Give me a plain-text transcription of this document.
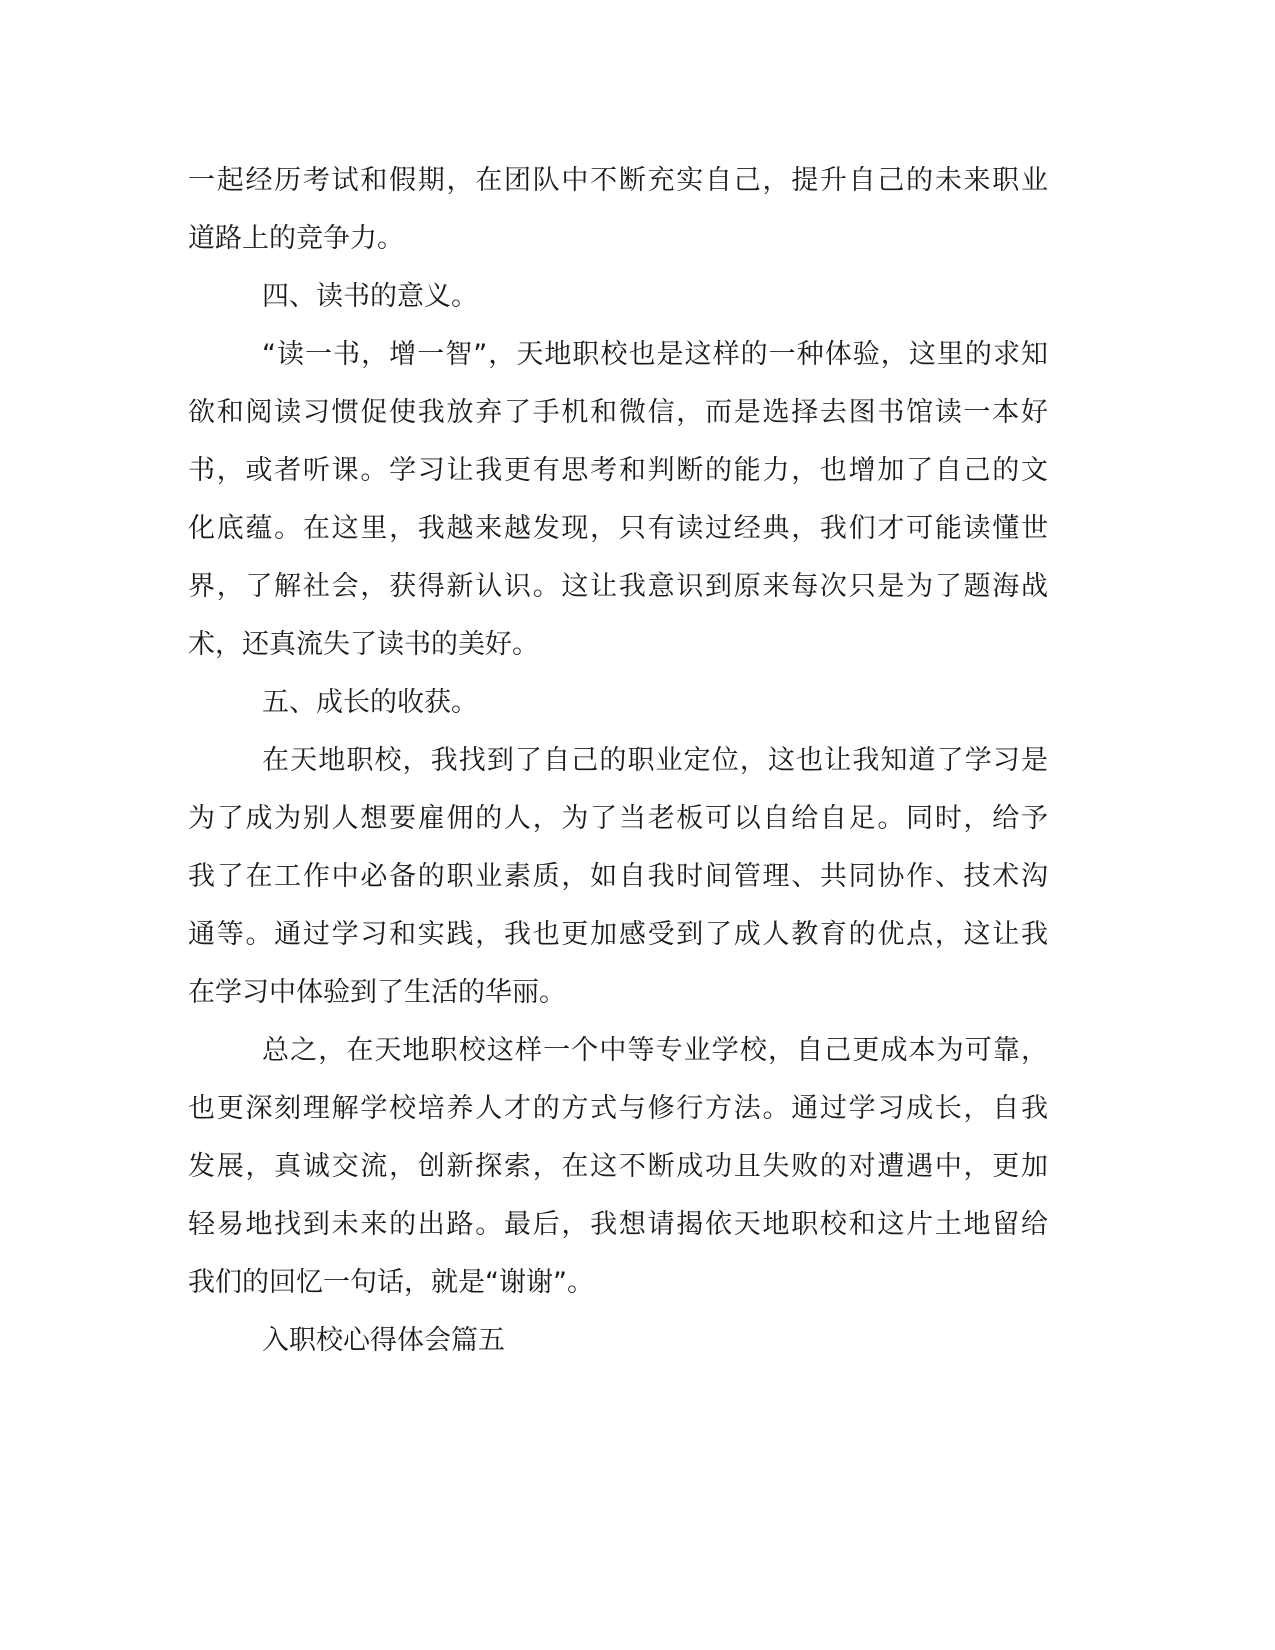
一起经历考试和假期，在团队中不断充实自己，提升自己的未来职业

道路上的竞争力。

四、读书的意义。

“读一书，增一智”，天地职校也是这样的一种体验，这里的求知

欲和阅读习惯促使我放弃了手机和微信，而是选择去图书馆读一本好

书，或者听课。学习让我更有思考和判断的能力，也增加了自己的文

化底蕴。在这里，我越来越发现，只有读过经典，我们才可能读懂世

界，了解社会，获得新认识。这让我意识到原来每次只是为了题海战

术，还真流失了读书的美好。

五、成长的收获。

在天地职校，我找到了自己的职业定位，这也让我知道了学习是

为了成为别人想要雇佣的人，为了当老板可以自给自足。同时，给予

我了在工作中必备的职业素质，如自我时间管理、共同协作、技术沟

通等。通过学习和实践，我也更加感受到了成人教育的优点，这让我

在学习中体验到了生活的华丽。

总之，在天地职校这样一个中等专业学校，自己更成本为可靠，

也更深刻理解学校培养人才的方式与修行方法。通过学习成长，自我

发展，真诚交流，创新探索，在这不断成功且失败的对遭遇中，更加

轻易地找到未来的出路。最后，我想请揭依天地职校和这片土地留给

我们的回忆一句话，就是“谢谢”。

入职校心得体会篇五
